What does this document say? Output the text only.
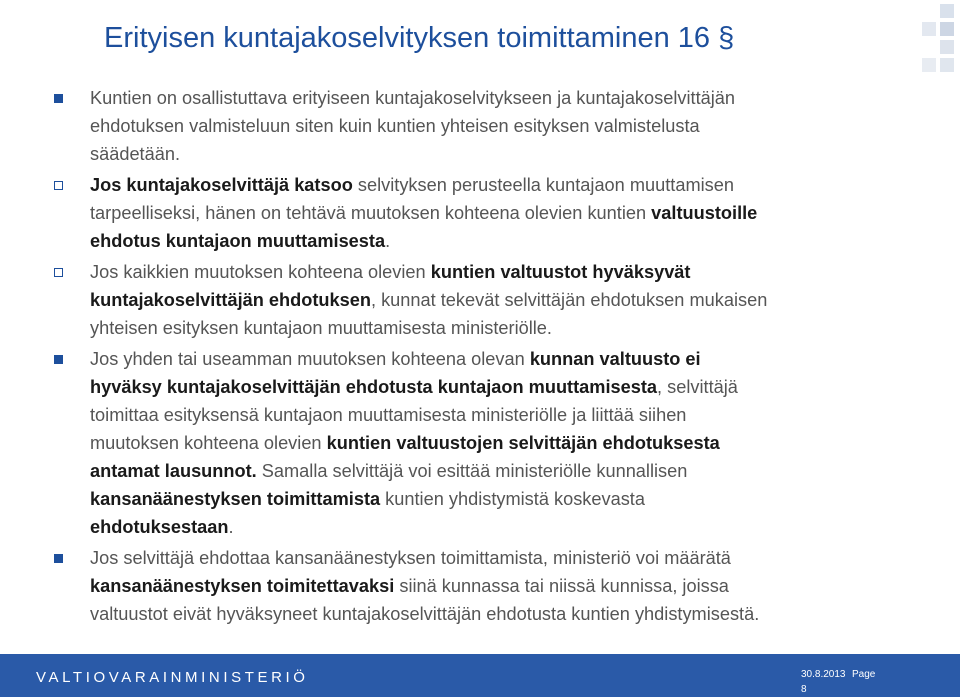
Erityisen kuntajakoselvityksen toimittaminen 16 §
Kuntien on osallistuttava erityiseen kuntajakoselvitykseen ja kuntajakoselvittäjän
ehdotuksen valmisteluun siten kuin kuntien yhteisen esityksen valmistelusta
säädetään.
Jos kuntajakoselvittäjä katsoo selvityksen perusteella kuntajaon muuttamisen
tarpeelliseksi, hänen on tehtävä muutoksen kohteena olevien kuntien valtuustoille
ehdotus kuntajaon muuttamisesta.
Jos kaikkien muutoksen kohteena olevien kuntien valtuustot hyväksyvät
kuntajakoselvittäjän ehdotuksen, kunnat tekevät selvittäjän ehdotuksen mukaisen
yhteisen esityksen kuntajaon muuttamisesta ministeriölle.
Jos yhden tai useamman muutoksen kohteena olevan kunnan valtuusto ei
hyväksy kuntajakoselvittäjän ehdotusta kuntajaon muuttamisesta, selvittäjä
toimittaa esityksensä kuntajaon muuttamisesta ministeriölle ja liittää siihen
muutoksen kohteena olevien kuntien valtuustojen selvittäjän ehdotuksesta
antamat lausunnot. Samalla selvittäjä voi esittää ministeriölle kunnallisen
kansanäänestyksen toimittamista kuntien yhdistymistä koskevasta
ehdotuksestaan.
Jos selvittäjä ehdottaa kansanäänestyksen toimittamista, ministeriö voi määrätä
kansanäänestyksen toimitettavaksi siinä kunnassa tai niissä kunnissa, joissa
valtuustot eivät hyväksyneet kuntajakoselvittäjän ehdotusta kuntien yhdistymisestä.
VALTIOVARAINMINISTERIÖ	30.8.2013 Page
8
